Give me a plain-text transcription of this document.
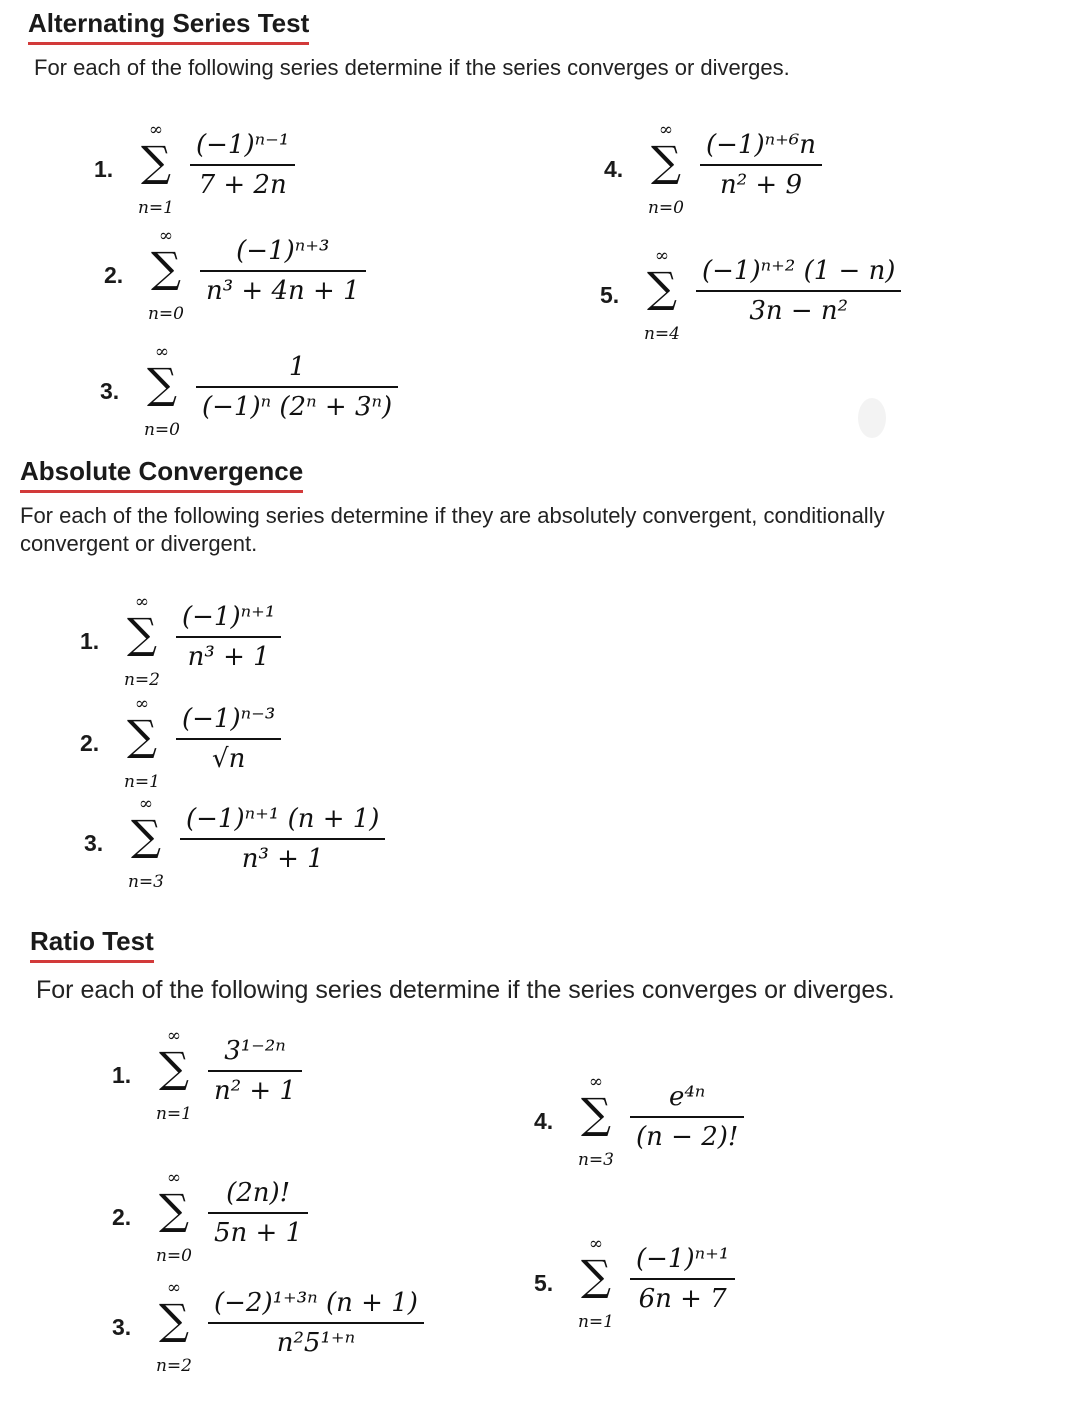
Alternating Series Test
For each of the following series determine if the series converges or diverges.
1.
∞
∑
n=1
$\frac{\text{(−1)ⁿ⁻¹}}{7 + 2n}$
2.
∞
∑
n=0
$\frac{\text{(−1)ⁿ⁺³}}{\text{n³ + 4n + 1}}$
3.
∞
∑
n=0
$\frac{1}{\text{(−1)ⁿ (2ⁿ + 3ⁿ)}}$
4.
∞
∑
n=0
$\frac{\text{(−1)ⁿ⁺⁶n}}{\text{n² + 9}}$
5.
∞
∑
n=4
$\frac{\text{(−1)ⁿ⁺² (1 − n)}}{\text{3n − n²}}$
Absolute Convergence
For each of the following series determine if they are absolutely convergent, conditionally convergent or divergent.
1.
∞
∑
n=2
$\frac{\text{(−1)ⁿ⁺¹}}{\text{n³ + 1}}$
2.
∞
∑
n=1
$\frac{\text{(−1)ⁿ⁻³}}{√n}$
3.
∞
∑
n=3
$\frac{\text{(−1)ⁿ⁺¹ (n + 1)}}{\text{n³ + 1}}$
Ratio Test
For each of the following series determine if the series converges or diverges.
1.
∞
∑
n=1
$\frac{\text{3¹⁻²ⁿ}}{\text{n² + 1}}$
2.
∞
∑
n=0
$\frac{(2n)!}{5n + 1}$
3.
∞
∑
n=2
$\frac{\text{(−2)¹⁺³ⁿ (n + 1)}}{\text{n²5¹⁺ⁿ}}$
4.
∞
∑
n=3
$\frac{\text{e⁴ⁿ}}{(n - 2)!}$
5.
∞
∑
n=1
$\frac{\text{(−1)ⁿ⁺¹}}{6n + 7}$
